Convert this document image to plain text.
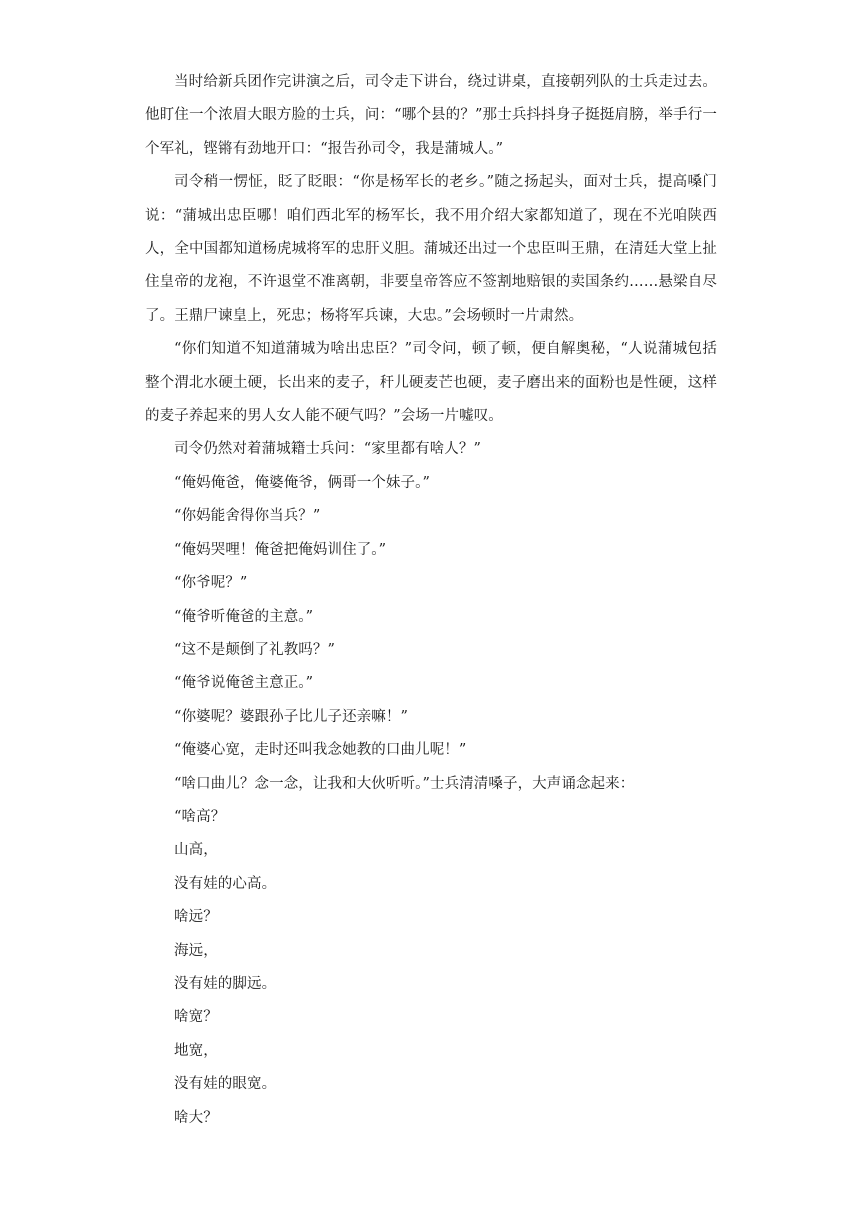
当时给新兵团作完讲演之后，司令走下讲台，绕过讲桌，直接朝列队的士兵走过去。他盯住一个浓眉大眼方脸的士兵，问：“哪个县的？”那士兵抖抖身子挺挺肩膀，举手行一个军礼，铿锵有劲地开口：“报告孙司令，我是蒲城人。”

司令稍一愣怔，眨了眨眼：“你是杨军长的老乡。”随之扬起头，面对士兵，提高嗓门说：“蒲城出忠臣哪！咱们西北军的杨军长，我不用介绍大家都知道了，现在不光咱陕西人，全中国都知道杨虎城将军的忠肝义胆。蒲城还出过一个忠臣叫王鼎，在清廷大堂上扯住皇帝的龙袍，不许退堂不准离朝，非要皇帝答应不签割地赔银的卖国条约……悬梁自尽了。王鼎尸谏皇上，死忠；杨将军兵谏，大忠。”会场顿时一片肃然。

“你们知道不知道蒲城为啥出忠臣？”司令问，顿了顿，便自解奥秘，“人说蒲城包括整个渭北水硬土硬，长出来的麦子，秆儿硬麦芒也硬，麦子磨出来的面粉也是性硬，这样的麦子养起来的男人女人能不硬气吗？”会场一片嘘叹。

司令仍然对着蒲城籍士兵问：“家里都有啥人？”

“俺妈俺爸，俺婆俺爷，俩哥一个妹子。”

“你妈能舍得你当兵？”

“俺妈哭哩！俺爸把俺妈训住了。”

“你爷呢？”

“俺爷听俺爸的主意。”

“这不是颠倒了礼教吗？”

“俺爷说俺爸主意正。”

“你婆呢？婆跟孙子比儿子还亲嘛！”

“俺婆心宽，走时还叫我念她教的口曲儿呢！”

“啥口曲儿？念一念，让我和大伙听听。”士兵清清嗓子，大声诵念起来：

“啥高？

山高，

没有娃的心高。

啥远？

海远，

没有娃的脚远。

啥宽？

地宽，

没有娃的眼宽。

啥大？
